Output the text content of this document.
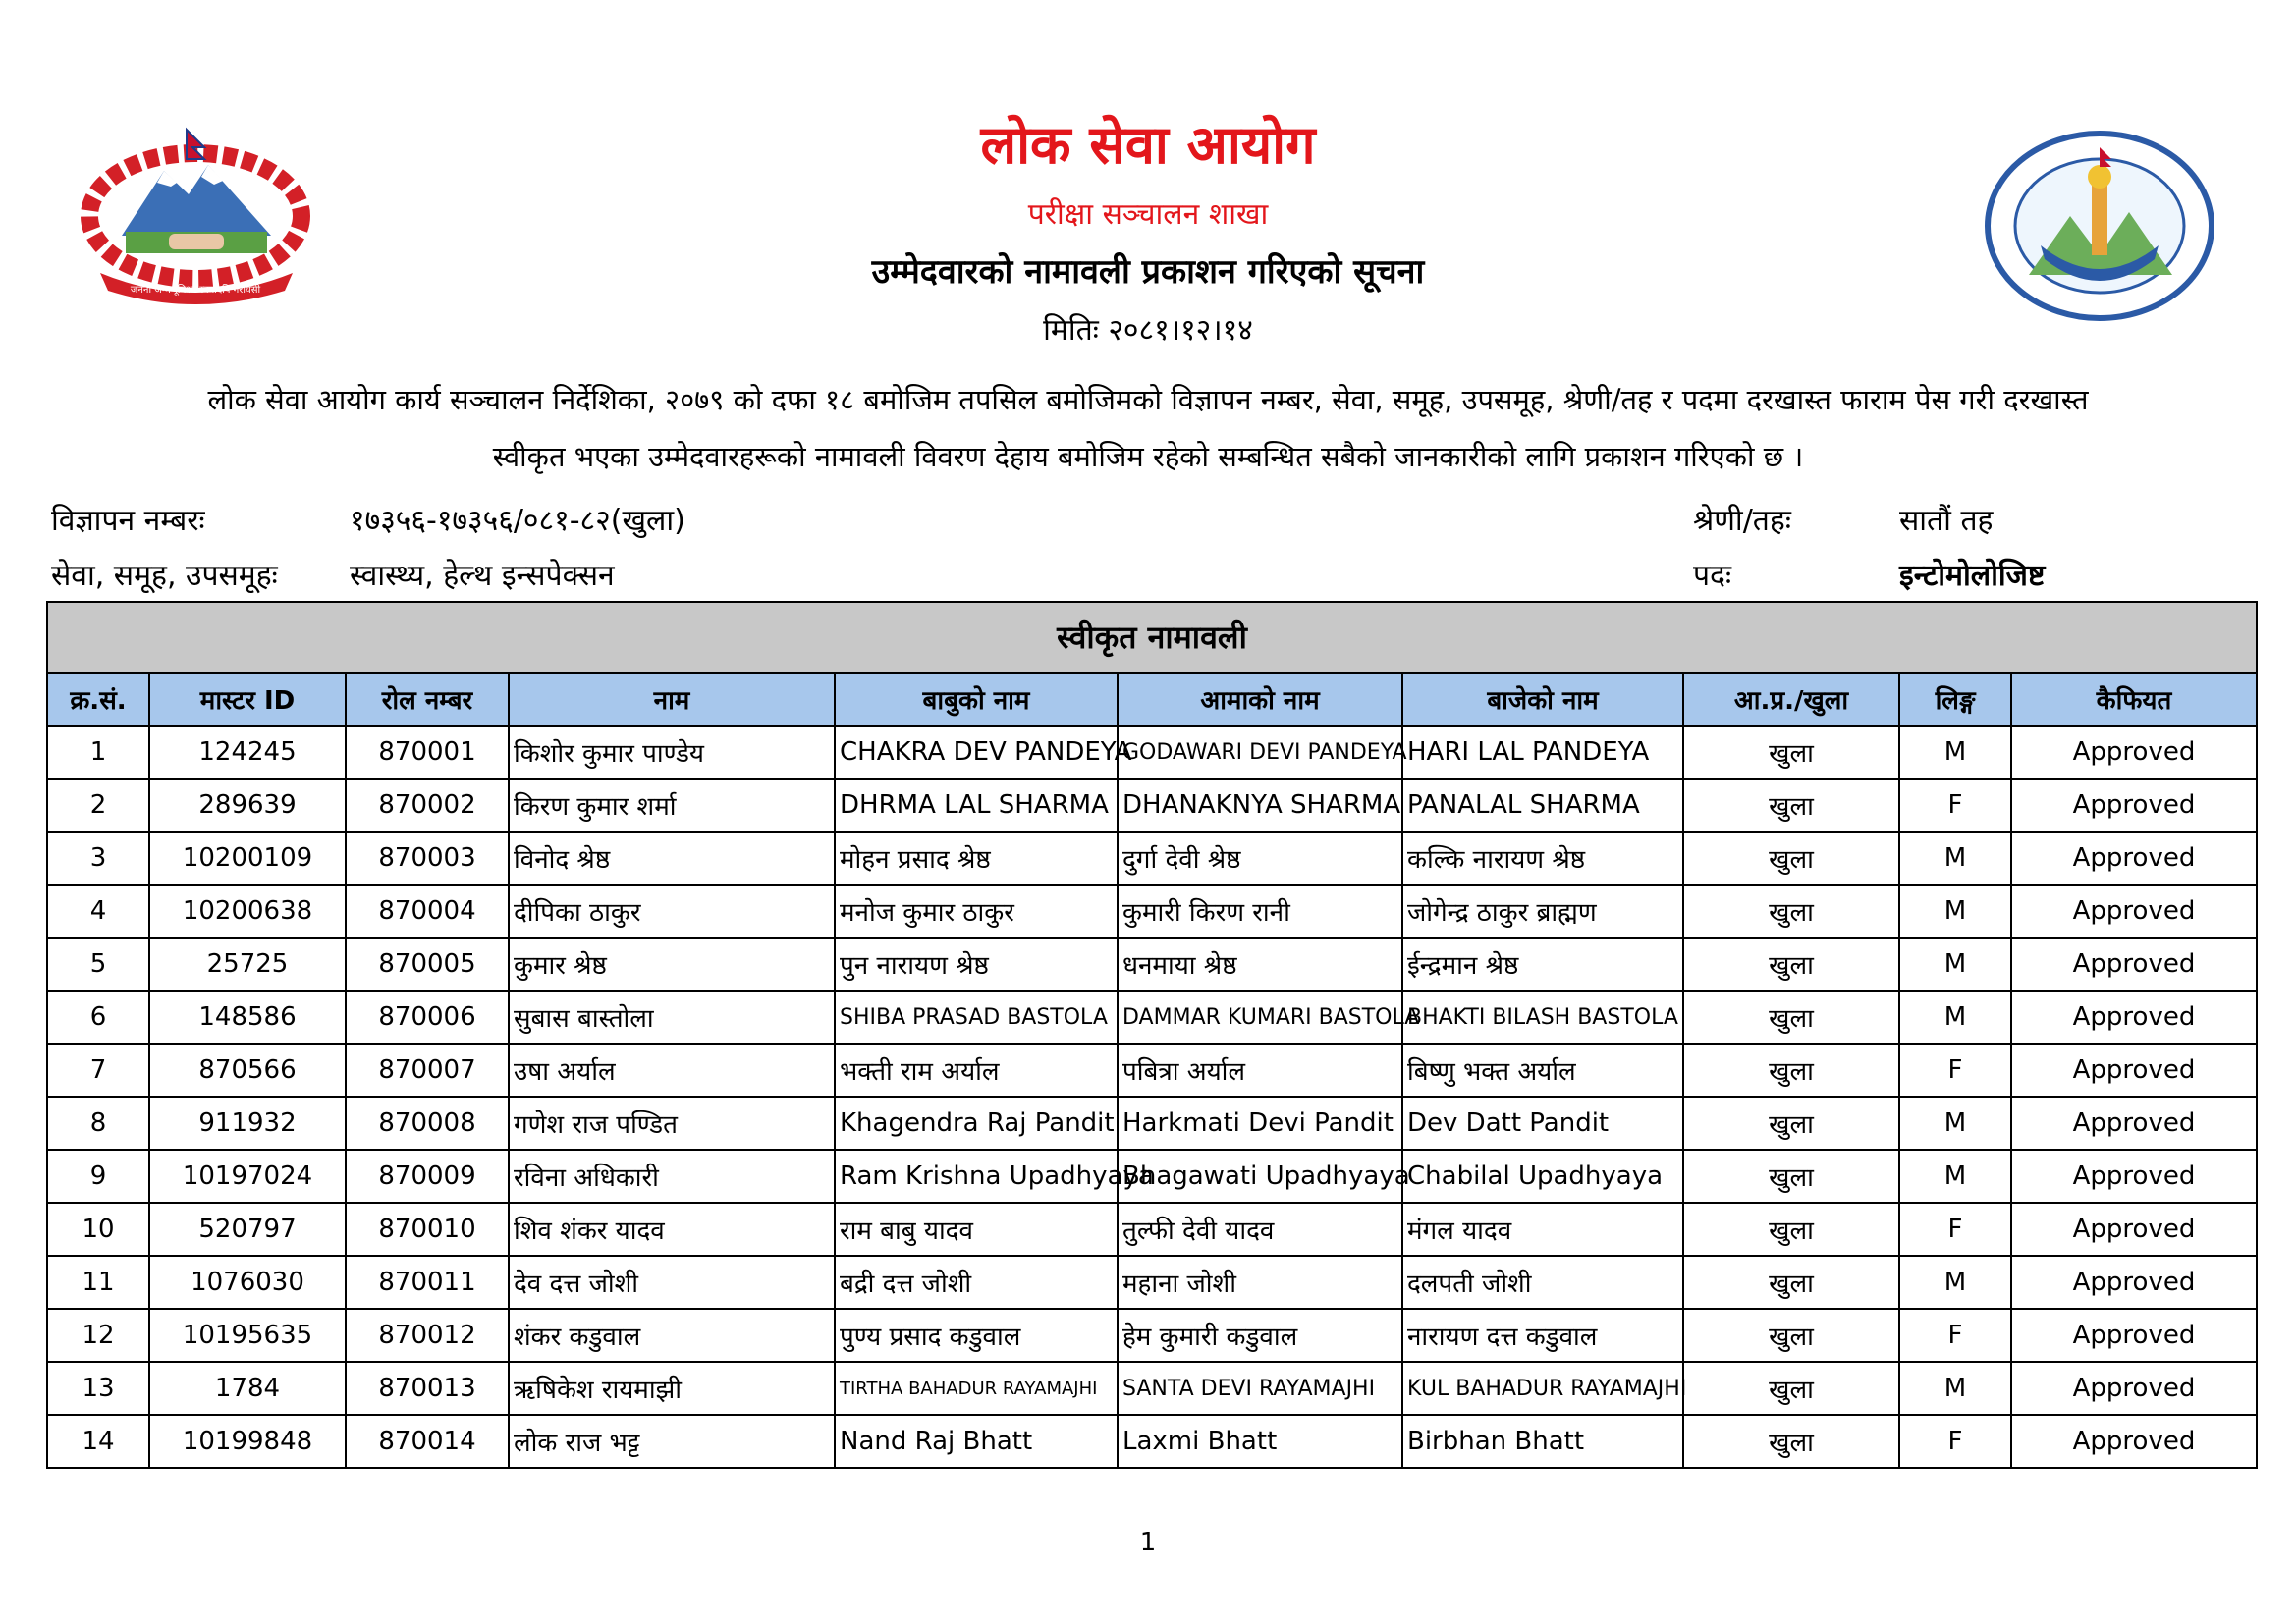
जननी जन्मभूमिश्च स्वर्गादपि गरीयसी
लोक सेवा आयोग
परीक्षा सञ्चालन शाखा
उम्मेदवारको नामावली प्रकाशन गरिएको सूचना
मितिः २०८१।१२।१४
लोक सेवा आयोग कार्य सञ्चालन निर्देशिका, २०७९ को दफा १८ बमोजिम तपसिल बमोजिमको विज्ञापन नम्बर, सेवा, समूह, उपसमूह, श्रेणी/तह र पदमा दरखास्त फाराम पेस गरी दरखास्त
स्वीकृत भएका उम्मेदवारहरूको नामावली विवरण देहाय बमोजिम रहेको सम्बन्धित सबैको जानकारीको लागि प्रकाशन गरिएको छ ।
विज्ञापन नम्बरः	१७३५६-१७३५६/०८१-८२(खुला)	श्रेणी/तहः	सातौं तह
सेवा, समूह, उपसमूहः स्वास्थ्य, हेल्थ इन्सपेक्सन	पदः	इन्टोमोलोजिष्ट
स्वीकृत नामावली
क्र.सं.	मास्टर ID	रोल नम्बर	नाम	बाबुको नाम	आमाको नाम	बाजेको नाम	आ.प्र./खुला	लिङ्ग	कैफियत
1	124245	870001	किशोर कुमार पाण्डेय	CHAKRA DEV PANDEYA	GODAWARI DEVI PANDEYA	HARI LAL PANDEYA	खुला	M	Approved
2	289639	870002	किरण कुमार शर्मा	DHRMA LAL SHARMA	DHANAKNYA SHARMA	PANALAL SHARMA	खुला	F	Approved
3	10200109	870003	विनोद श्रेष्ठ	मोहन प्रसाद श्रेष्ठ	दुर्गा देवी श्रेष्ठ	कल्कि नारायण श्रेष्ठ	खुला	M	Approved
4	10200638	870004	दीपिका ठाकुर	मनोज कुमार ठाकुर	कुमारी किरण रानी	जोगेन्द्र ठाकुर ब्राह्मण	खुला	M	Approved
5	25725	870005	कुमार श्रेष्ठ	पुन नारायण श्रेष्ठ	धनमाया श्रेष्ठ	ईन्द्रमान श्रेष्ठ	खुला	M	Approved
6	148586	870006	सुबास बास्तोला	SHIBA PRASAD BASTOLA	DAMMAR KUMARI BASTOLA	BHAKTI BILASH BASTOLA	खुला	M	Approved
7	870566	870007	उषा अर्याल	भक्ती राम अर्याल	पबित्रा अर्याल	बिष्णु भक्त अर्याल	खुला	F	Approved
8	911932	870008	गणेश राज पण्डित	Khagendra Raj Pandit	Harkmati Devi Pandit	Dev Datt Pandit	खुला	M	Approved
9	10197024	870009	रविना अधिकारी	Ram Krishna Upadhyaya	Bhagawati Upadhyaya	Chabilal Upadhyaya	खुला	M	Approved
10	520797	870010	शिव शंकर यादव	राम बाबु यादव	तुल्फी देवी यादव	मंगल यादव	खुला	F	Approved
11	1076030	870011	देव दत्त जोशी	बद्री दत्त जोशी	महाना जोशी	दलपती जोशी	खुला	M	Approved
12	10195635	870012	शंकर कडुवाल	पुण्य प्रसाद कडुवाल	हेम कुमारी कडुवाल	नारायण दत्त कडुवाल	खुला	F	Approved
13	1784	870013	ऋषिकेश रायमाझी	TIRTHA BAHADUR RAYAMAJHI	SANTA DEVI RAYAMAJHI	KUL BAHADUR RAYAMAJHI	खुला	M	Approved
14	10199848	870014	लोक राज भट्ट	Nand Raj Bhatt	Laxmi Bhatt	Birbhan Bhatt	खुला	F	Approved
1
